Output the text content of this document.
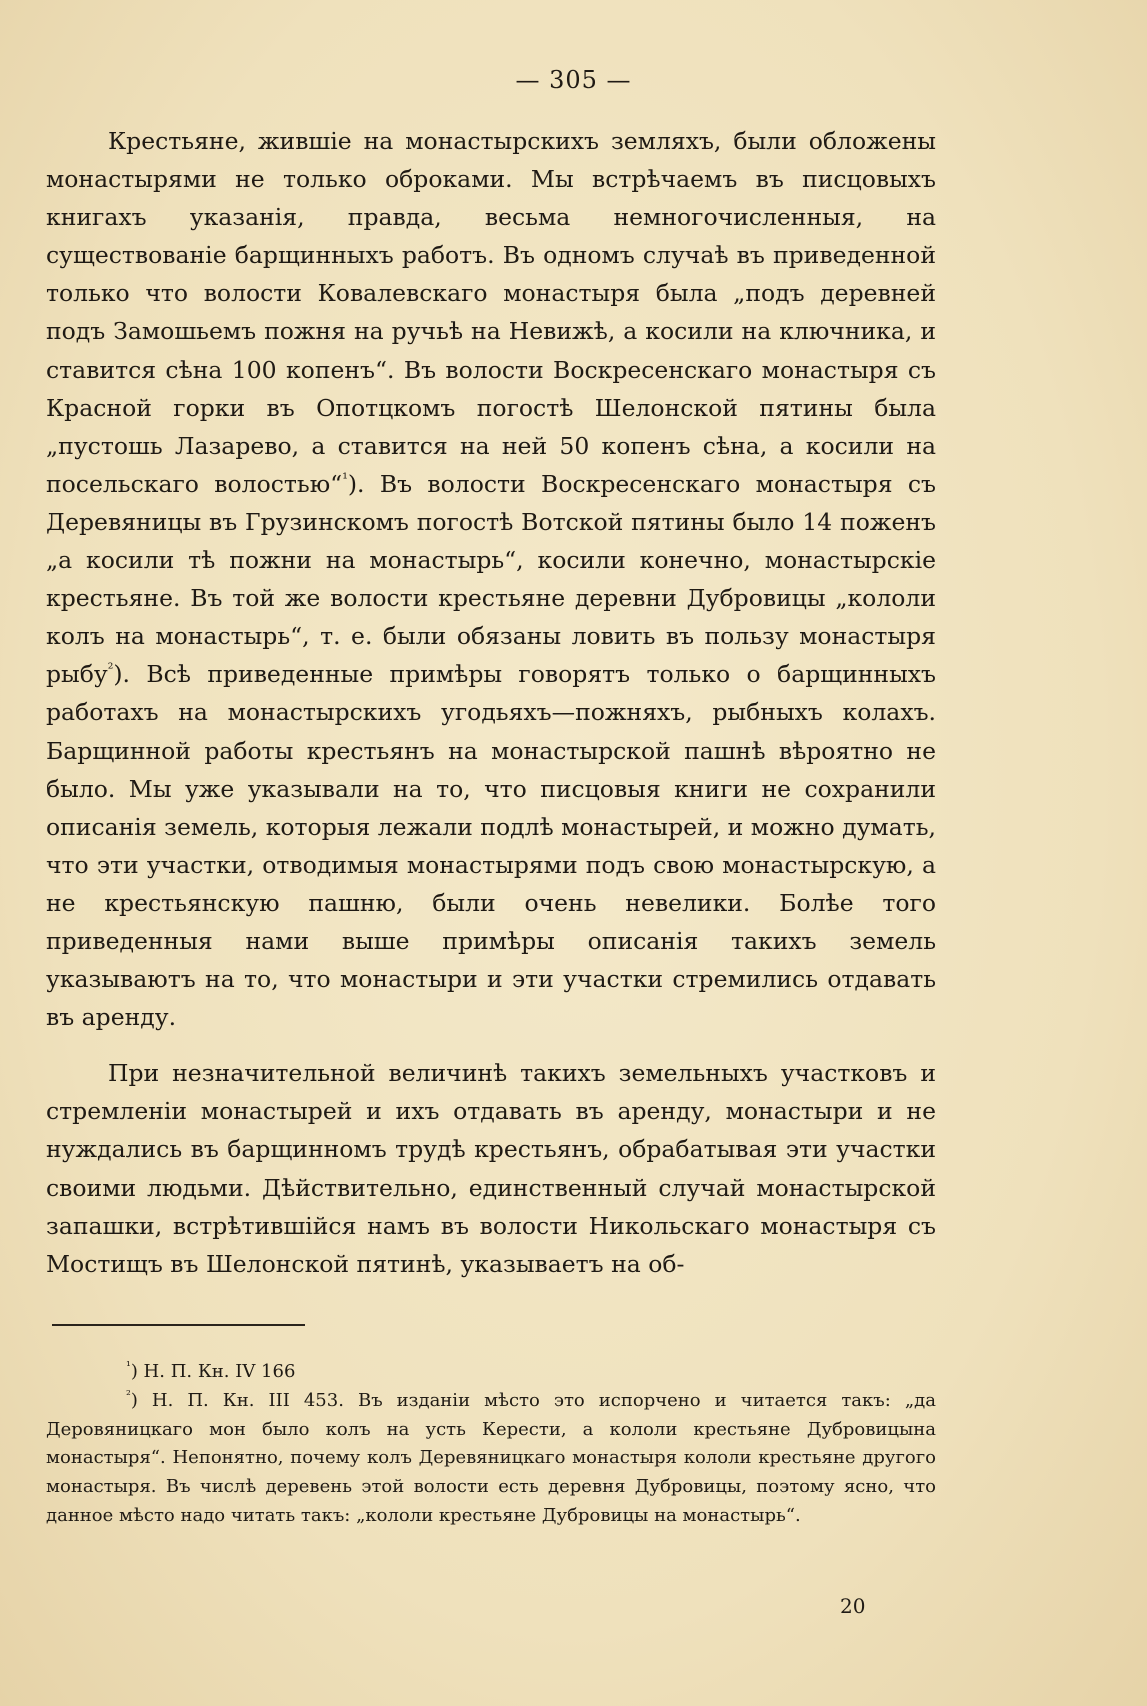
— 305 —

Крестьяне, жившіе на монастырскихъ земляхъ, были обложены монастырями не только оброками. Мы встрѣчаемъ въ писцовыхъ книгахъ указанія, правда, весьма немногочисленныя, на существованіе барщинныхъ работъ. Въ одномъ случаѣ въ приведенной только что волости Ковалевскаго монастыря была „подъ деревней подъ Замошьемъ пожня на ручьѣ на Невижѣ, а косили на ключника, и ставится сѣна 100 копенъ“. Въ волости Воскресенскаго монастыря съ Красной горки въ Опотцкомъ погостѣ Шелонской пятины была „пустошь Лазарево, а ставится на ней 50 копенъ сѣна, а косили на посельскаго волостью“$^{^1}$). Въ волости Воскресенскаго монастыря съ Деревяницы въ Грузинскомъ погостѣ Вотской пятины было 14 поженъ „а косили тѣ пожни на монастырь“, косили конечно, монастырскіе крестьяне. Въ той же волости крестьяне деревни Дубровицы „кололи колъ на монастырь“, т. е. были обязаны ловить въ пользу монастыря рыбу$^{^2}$). Всѣ приведенные примѣры говорятъ только о барщинныхъ работахъ на монастырскихъ угодьяхъ—пожняхъ, рыбныхъ колахъ. Барщинной работы крестьянъ на монастырской пашнѣ вѣроятно не было. Мы уже указывали на то, что писцовыя книги не сохранили описанія земель, которыя лежали подлѣ монастырей, и можно думать, что эти участки, отводимыя монастырями подъ свою монастырскую, а не крестьянскую пашню, были очень невелики. Болѣе того приведенныя нами выше примѣры описанія такихъ земель указываютъ на то, что монастыри и эти участки стремились отдавать въ аренду.

При незначительной величинѣ такихъ земельныхъ участковъ и стремленіи монастырей и ихъ отдавать въ аренду, монастыри и не нуждались въ барщинномъ трудѣ крестьянъ, обрабатывая эти участки своими людьми. Дѣйствительно, единственный случай монастырской запашки, встрѣтившійся намъ въ волости Никольскаго монастыря съ Мостищъ въ Шелонской пятинѣ, указываетъ на об-

$^{^1}$) Н. П. Кн. IV 166

$^{^2}$) Н. П. Кн. III 453. Въ изданіи мѣсто это испорчено и читается такъ: „да Деровяницкаго мон было колъ на усть Кeрести, а кололи крестьяне Дубровицына монастыря“. Непонятно, почему колъ Деревяницкаго монастыря кололи крестьяне другого монастыря. Въ числѣ деревень этой волости есть деревня Дубровицы, поэтому ясно, что данное мѣсто надо читать такъ: „кололи крестьяне Дубровицы на монастырь“.

20
